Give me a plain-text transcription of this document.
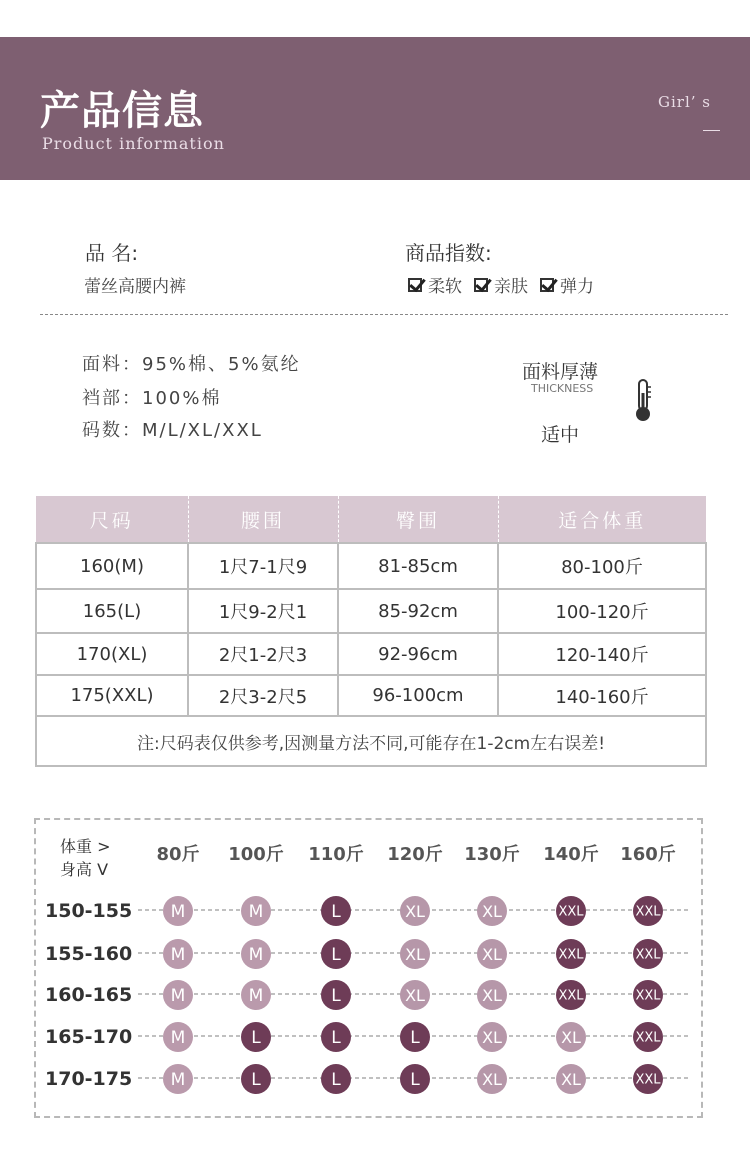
产品信息
Product information
Girl’ s
品 名:
蕾丝高腰内裤
商品指数:
柔软 亲肤 弹力
面料：95%棉、5%氨纶
裆部：100%棉
码数：M/L/XL/XXL
面料厚薄
THICKNESS
适中
尺码	腰围	臀围	适合体重
160(M)	1尺7-1尺9	81-85cm	80-100斤
165(L)	1尺9-2尺1	85-92cm	100-120斤
170(XL)	2尺1-2尺3	92-96cm	120-140斤
175(XXL)	2尺3-2尺5	96-100cm	140-160斤
注:尺码表仅供参考,因测量方法不同,可能存在1-2cm左右误差!			
体重 >
身高 V
80斤 100斤 110斤 120斤 130斤 140斤 160斤
150-155 M	M	L	XL	XL	XXL	XXL
155-160 M	M	L	XL	XL	XXL	XXL
160-165 M	M	L	XL	XL	XXL	XXL
165-170 M	L	L	L	XL	XL	XXL
170-175 M	L	L	L	XL	XL	XXL
